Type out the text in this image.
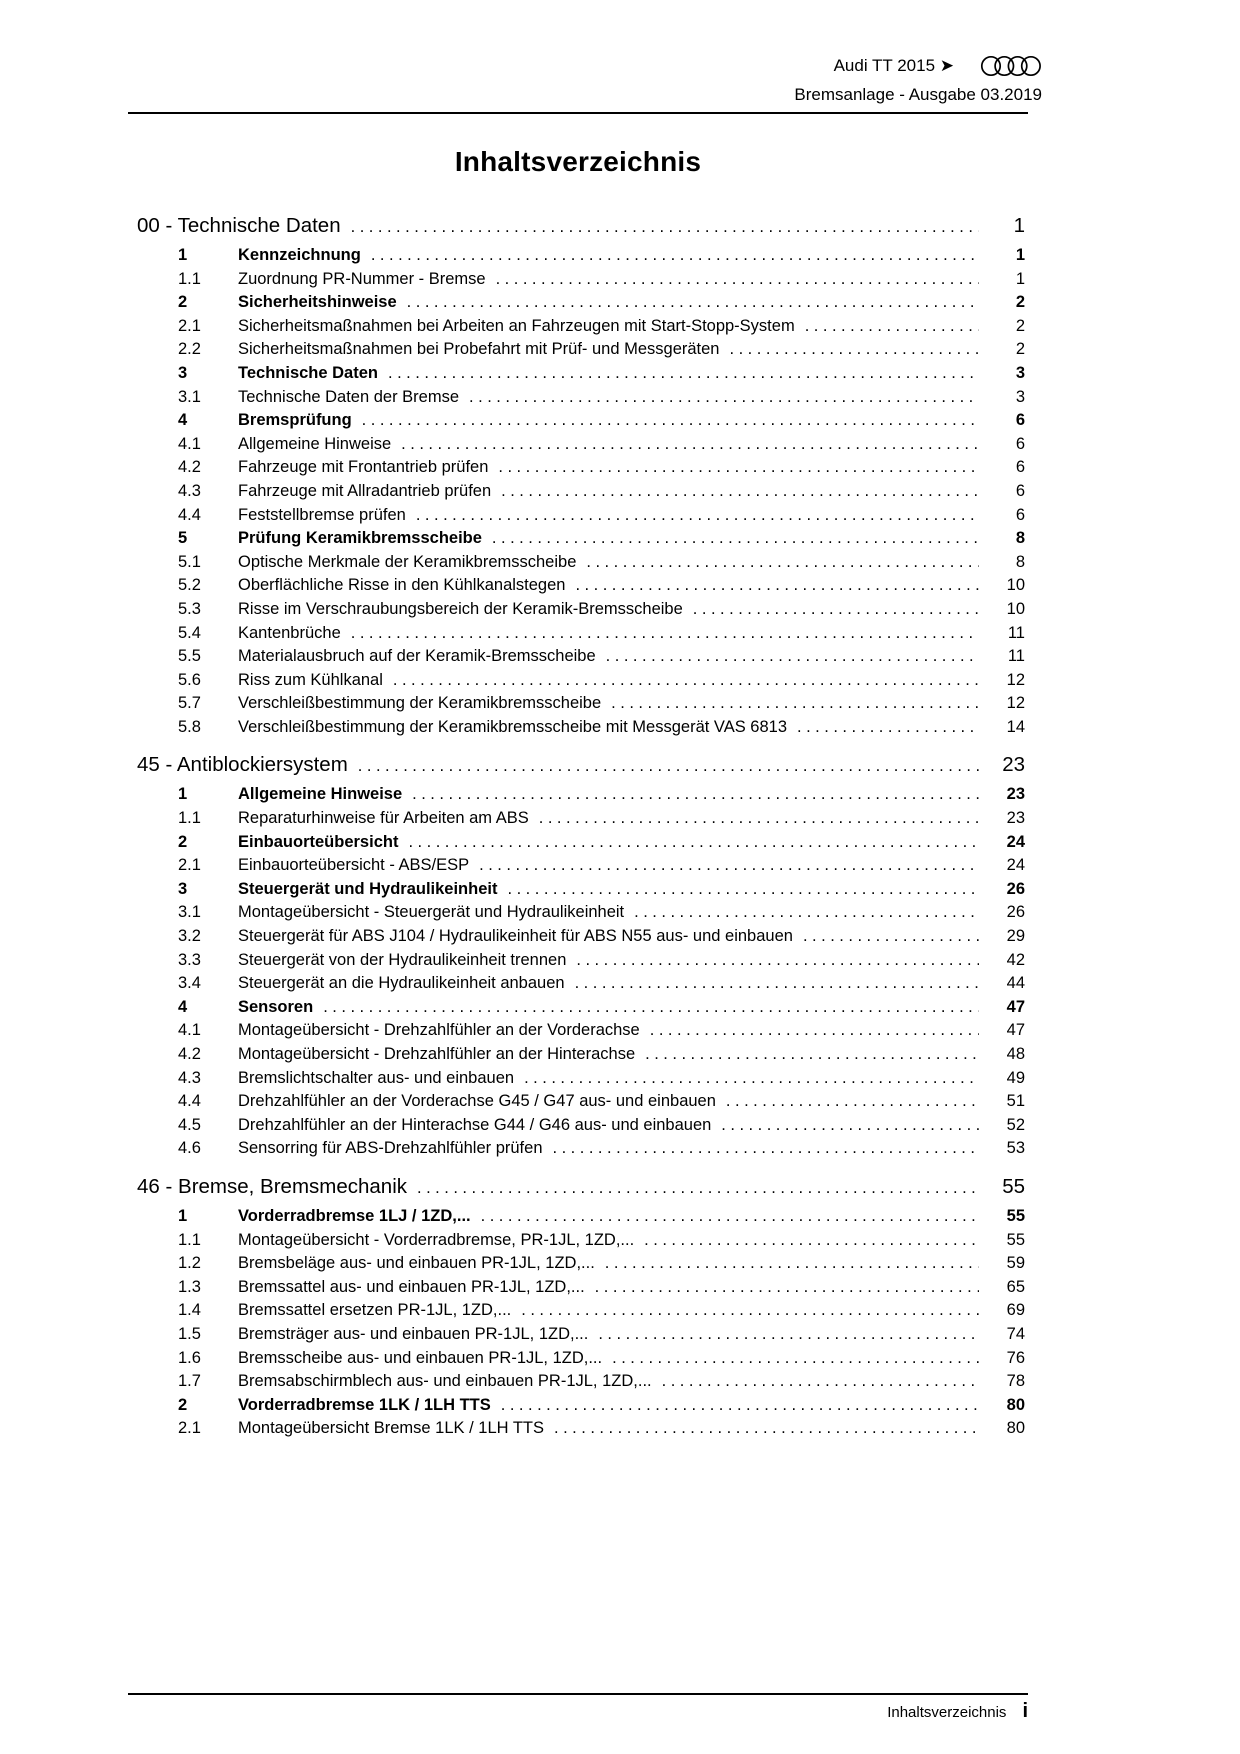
Audi TT 2015 ➤
Bremsanlage - Ausgabe 03.2019
Inhaltsverzeichnis
00 - Technische Daten .....	1
1	Kennzeichnung .....	1
1.1	Zuordnung PR-Nummer - Bremse .....	1
2	Sicherheitshinweise .....	2
2.1	Sicherheitsmaßnahmen bei Arbeiten an Fahrzeugen mit Start-Stopp-System .....	2
2.2	Sicherheitsmaßnahmen bei Probefahrt mit Prüf- und Messgeräten .....	2
3	Technische Daten .....	3
3.1	Technische Daten der Bremse .....	3
4	Bremsprüfung .....	6
4.1	Allgemeine Hinweise .....	6
4.2	Fahrzeuge mit Frontantrieb prüfen .....	6
4.3	Fahrzeuge mit Allradantrieb prüfen .....	6
4.4	Feststellbremse prüfen .....	6
5	Prüfung Keramikbremsscheibe .....	8
5.1	Optische Merkmale der Keramikbremsscheibe .....	8
5.2	Oberflächliche Risse in den Kühlkanalstegen .....	10
5.3	Risse im Verschraubungsbereich der Keramik-Bremsscheibe .....	10
5.4	Kantenbrüche .....	11
5.5	Materialausbruch auf der Keramik-Bremsscheibe .....	11
5.6	Riss zum Kühlkanal .....	12
5.7	Verschleißbestimmung der Keramikbremsscheibe .....	12
5.8	Verschleißbestimmung der Keramikbremsscheibe mit Messgerät VAS 6813 .....	14
45 - Antiblockiersystem .....	23
1	Allgemeine Hinweise .....	23
1.1	Reparaturhinweise für Arbeiten am ABS .....	23
2	Einbauorteübersicht .....	24
2.1	Einbauorteübersicht - ABS/ESP .....	24
3	Steuergerät und Hydraulikeinheit .....	26
3.1	Montageübersicht - Steuergerät und Hydraulikeinheit .....	26
3.2	Steuergerät für ABS J104 / Hydraulikeinheit für ABS N55 aus- und einbauen .....	29
3.3	Steuergerät von der Hydraulikeinheit trennen .....	42
3.4	Steuergerät an die Hydraulikeinheit anbauen .....	44
4	Sensoren .....	47
4.1	Montageübersicht - Drehzahlfühler an der Vorderachse .....	47
4.2	Montageübersicht - Drehzahlfühler an der Hinterachse .....	48
4.3	Bremslichtschalter aus- und einbauen .....	49
4.4	Drehzahlfühler an der Vorderachse G45 / G47 aus- und einbauen .....	51
4.5	Drehzahlfühler an der Hinterachse G44 / G46 aus- und einbauen .....	52
4.6	Sensorring für ABS-Drehzahlfühler prüfen .....	53
46 - Bremse, Bremsmechanik .....	55
1	Vorderradbremse 1LJ / 1ZD,... .....	55
1.1	Montageübersicht - Vorderradbremse, PR-1JL, 1ZD,... .....	55
1.2	Bremsbeläge aus- und einbauen PR-1JL, 1ZD,... .....	59
1.3	Bremssattel aus- und einbauen PR-1JL, 1ZD,... .....	65
1.4	Bremssattel ersetzen PR-1JL, 1ZD,... .....	69
1.5	Bremsträger aus- und einbauen PR-1JL, 1ZD,... .....	74
1.6	Bremsscheibe aus- und einbauen PR-1JL, 1ZD,... .....	76
1.7	Bremsabschirmblech aus- und einbauen PR-1JL, 1ZD,... .....	78
2	Vorderradbremse 1LK / 1LH TTS .....	80
2.1	Montageübersicht Bremse 1LK / 1LH TTS .....	80
Inhaltsverzeichnis i
